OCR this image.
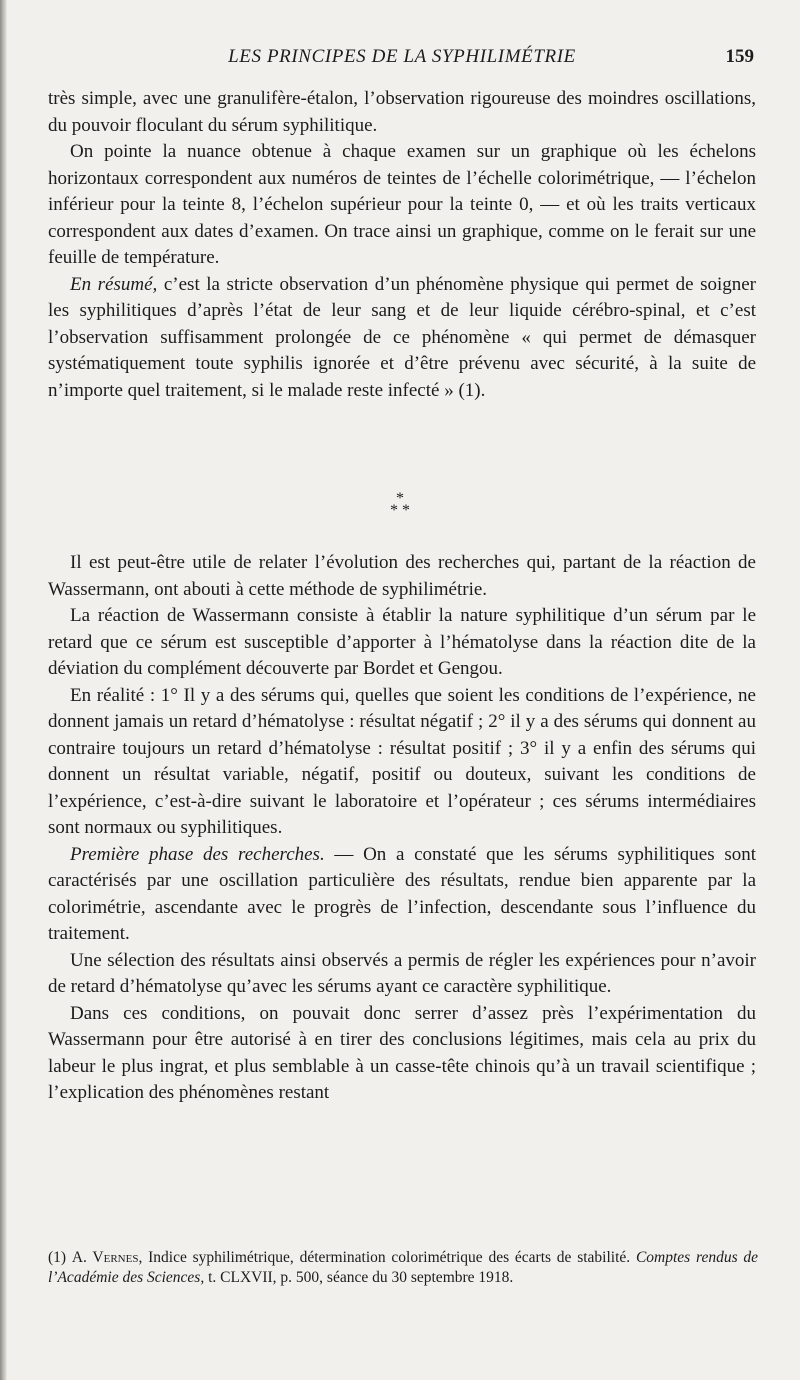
LES PRINCIPES DE LA SYPHILIMÉTRIE	159

très simple, avec une granulifère-étalon, l’observation rigoureuse des moindres oscillations, du pouvoir floculant du sérum syphilitique.

On pointe la nuance obtenue à chaque examen sur un graphique où les échelons horizontaux correspondent aux numéros de teintes de l’échelle colorimétrique, — l’échelon inférieur pour la teinte 8, l’échelon supérieur pour la teinte 0, — et où les traits verticaux correspondent aux dates d’examen. On trace ainsi un graphique, comme on le ferait sur une feuille de température.

En résumé, c’est la stricte observation d’un phénomène physique qui permet de soigner les syphilitiques d’après l’état de leur sang et de leur liquide cérébro-spinal, et c’est l’observation suffisamment prolongée de ce phénomène « qui permet de démasquer systématiquement toute syphilis ignorée et d’être prévenu avec sécurité, à la suite de n’importe quel traitement, si le malade reste infecté » (1).

*
* *

Il est peut-être utile de relater l’évolution des recherches qui, partant de la réaction de Wassermann, ont abouti à cette méthode de syphilimétrie.

La réaction de Wassermann consiste à établir la nature syphilitique d’un sérum par le retard que ce sérum est susceptible d’apporter à l’hématolyse dans la réaction dite de la déviation du complément découverte par Bordet et Gengou.

En réalité : 1° Il y a des sérums qui, quelles que soient les conditions de l’expérience, ne donnent jamais un retard d’hématolyse : résultat négatif ; 2° il y a des sérums qui donnent au contraire toujours un retard d’hématolyse : résultat positif ; 3° il y a enfin des sérums qui donnent un résultat variable, négatif, positif ou douteux, suivant les conditions de l’expérience, c’est-à-dire suivant le laboratoire et l’opérateur ; ces sérums intermédiaires sont normaux ou syphilitiques.

Première phase des recherches. — On a constaté que les sérums syphilitiques sont caractérisés par une oscillation particulière des résultats, rendue bien apparente par la colorimétrie, ascendante avec le progrès de l’infection, descendante sous l’influence du traitement.

Une sélection des résultats ainsi observés a permis de régler les expériences pour n’avoir de retard d’hématolyse qu’avec les sérums ayant ce caractère syphilitique.

Dans ces conditions, on pouvait donc serrer d’assez près l’expérimentation du Wassermann pour être autorisé à en tirer des conclusions légitimes, mais cela au prix du labeur le plus ingrat, et plus semblable à un casse-tête chinois qu’à un travail scientifique ; l’explication des phénomènes restant

(1) A. Vernes, Indice syphilimétrique, détermination colorimétrique des écarts de stabilité. Comptes rendus de l’Académie des Sciences, t. CLXVII, p. 500, séance du 30 septembre 1918.
